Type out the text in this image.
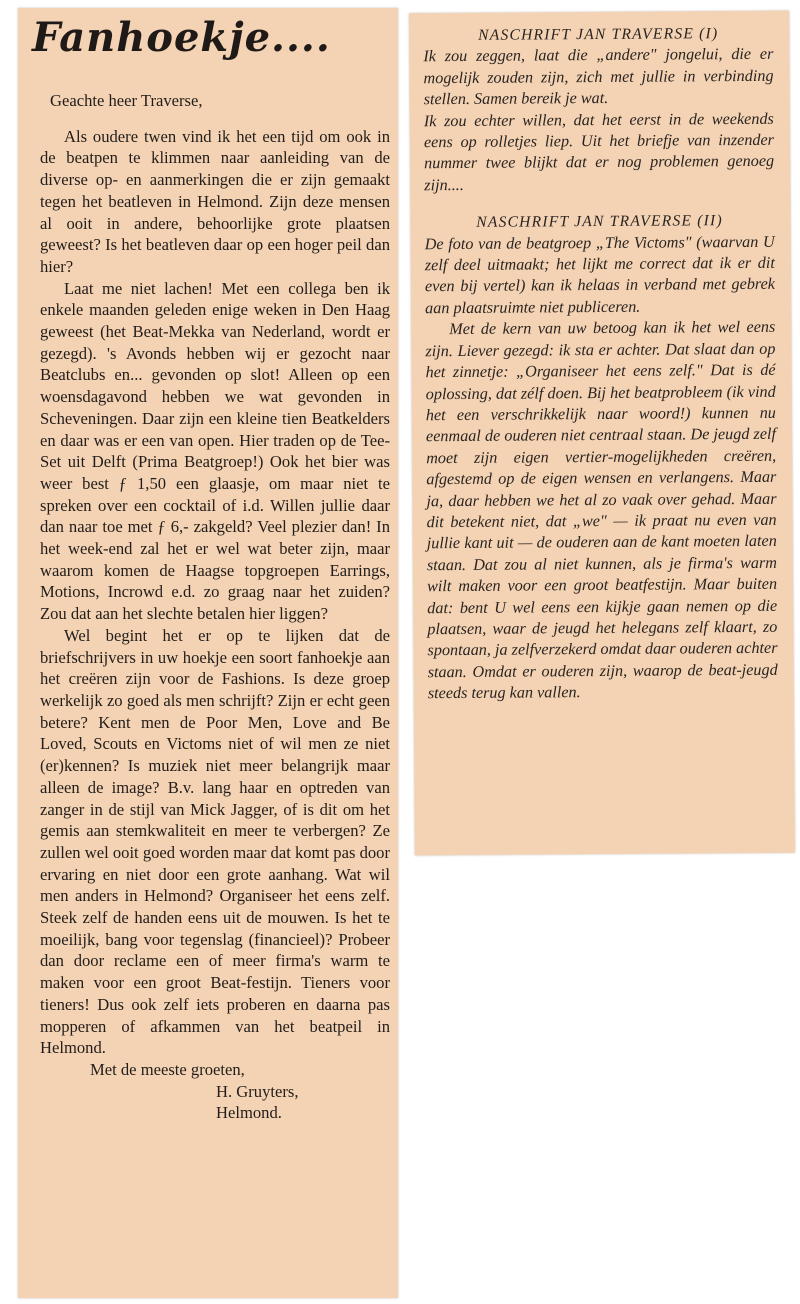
Fanhoekje....

Geachte heer Traverse,

Als oudere twen vind ik het een tijd om ook in de beatpen te klimmen naar aanleiding van de diverse op- en aanmerkingen die er zijn gemaakt tegen het beatleven in Helmond. Zijn deze mensen al ooit in andere, behoorlijke grote plaatsen geweest? Is het beatleven daar op een hoger peil dan hier?

Laat me niet lachen! Met een collega ben ik enkele maanden geleden enige weken in Den Haag geweest (het Beat-Mekka van Nederland, wordt er gezegd). 's Avonds hebben wij er gezocht naar Beatclubs en... gevonden op slot! Alleen op een woensdagavond hebben we wat gevonden in Scheveningen. Daar zijn een kleine tien Beatkelders en daar was er een van open. Hier traden op de Tee-Set uit Delft (Prima Beatgroep!) Ook het bier was weer best ƒ 1,50 een glaasje, om maar niet te spreken over een cocktail of i.d. Willen jullie daar dan naar toe met ƒ 6,- zakgeld? Veel plezier dan! In het week-end zal het er wel wat beter zijn, maar waarom komen de Haagse topgroepen Earrings, Motions, Incrowd e.d. zo graag naar het zuiden? Zou dat aan het slechte betalen hier liggen?

Wel begint het er op te lijken dat de briefschrijvers in uw hoekje een soort fanhoekje aan het creëren zijn voor de Fashions. Is deze groep werkelijk zo goed als men schrijft? Zijn er echt geen betere? Kent men de Poor Men, Love and Be Loved, Scouts en Victoms niet of wil men ze niet (er)kennen? Is muziek niet meer belangrijk maar alleen de image? B.v. lang haar en optreden van zanger in de stijl van Mick Jagger, of is dit om het gemis aan stemkwaliteit en meer te verbergen? Ze zullen wel ooit goed worden maar dat komt pas door ervaring en niet door een grote aanhang. Wat wil men anders in Helmond? Organiseer het eens zelf. Steek zelf de handen eens uit de mouwen. Is het te moeilijk, bang voor tegenslag (financieel)? Probeer dan door reclame een of meer firma's warm te maken voor een groot Beat-festijn. Tieners voor tieners! Dus ook zelf iets proberen en daarna pas mopperen of afkammen van het beatpeil in Helmond.

Met de meeste groeten,

H. Gruyters,

Helmond.

NASCHRIFT JAN TRAVERSE (I)

Ik zou zeggen, laat die „andere" jongelui, die er mogelijk zouden zijn, zich met jullie in verbinding stellen. Samen bereik je wat.

Ik zou echter willen, dat het eerst in de weekends eens op rolletjes liep. Uit het briefje van inzender nummer twee blijkt dat er nog problemen genoeg zijn....

NASCHRIFT JAN TRAVERSE (II)

De foto van de beatgroep „The Victoms" (waarvan U zelf deel uitmaakt; het lijkt me correct dat ik er dit even bij vertel) kan ik helaas in verband met gebrek aan plaatsruimte niet publiceren.

Met de kern van uw betoog kan ik het wel eens zijn. Liever gezegd: ik sta er achter. Dat slaat dan op het zinnetje: „Organiseer het eens zelf." Dat is dé oplossing, dat zélf doen. Bij het beatprobleem (ik vind het een verschrikkelijk naar woord!) kunnen nu eenmaal de ouderen niet centraal staan. De jeugd zelf moet zijn eigen vertier-mogelijkheden creëren, afgestemd op de eigen wensen en verlangens. Maar ja, daar hebben we het al zo vaak over gehad. Maar dit betekent niet, dat „we" — ik praat nu even van jullie kant uit — de ouderen aan de kant moeten laten staan. Dat zou al niet kunnen, als je firma's warm wilt maken voor een groot beatfestijn. Maar buiten dat: bent U wel eens een kijkje gaan nemen op die plaatsen, waar de jeugd het helegans zelf klaart, zo spontaan, ja zelfverzekerd omdat daar ouderen achter staan. Omdat er ouderen zijn, waarop de beat-jeugd steeds terug kan vallen.
